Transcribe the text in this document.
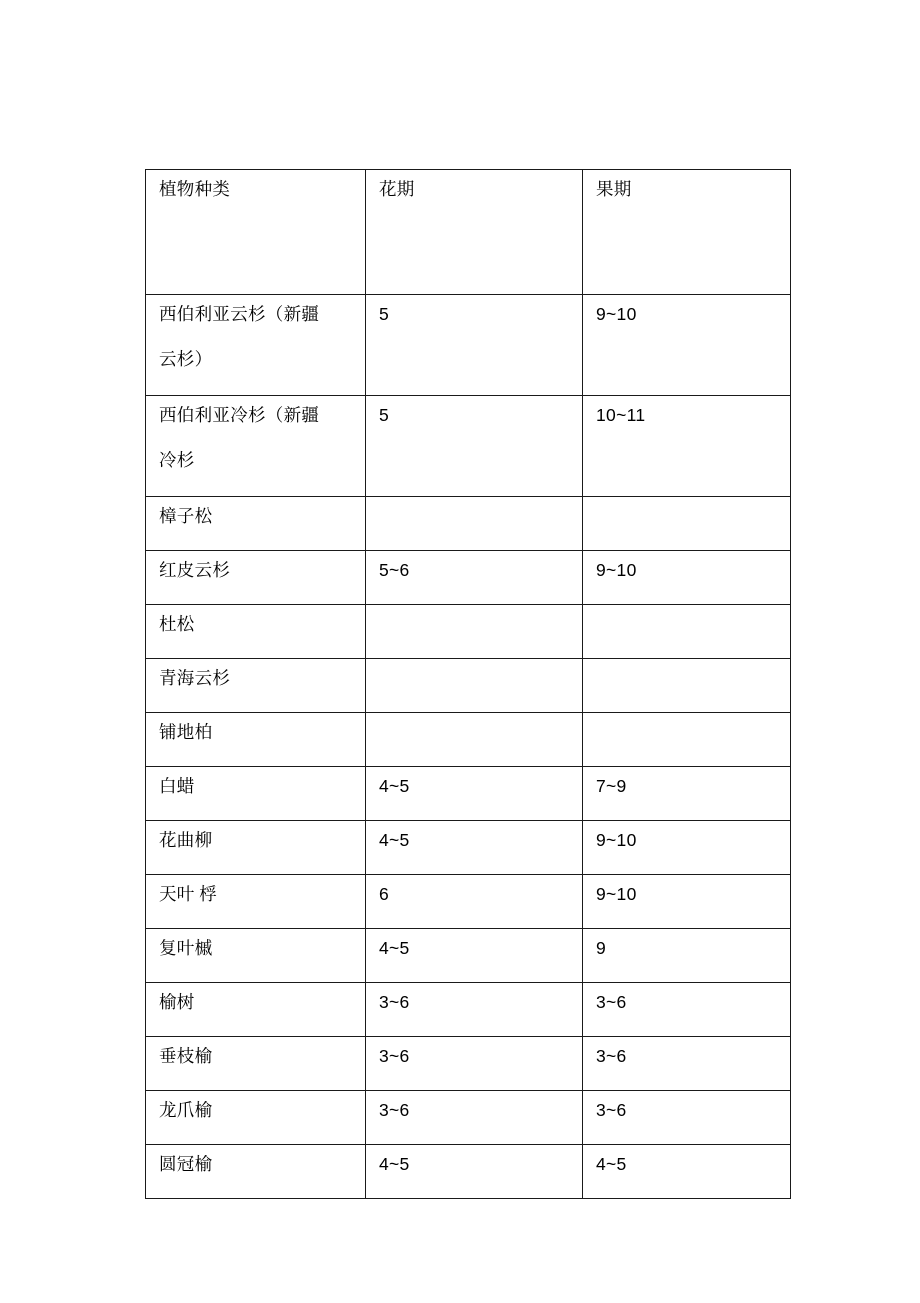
植物种类	花期	果期

西伯利亚云杉（新疆
云杉）	5	9~10

西伯利亚冷杉（新疆
冷杉	5	10~11

樟子松		

红皮云杉	5~6	9~10

杜松		

青海云杉		

铺地柏		

白蜡	4~5	7~9

花曲柳	4~5	9~10

天叶 桴	6	9~10

复叶槭	4~5	9

榆树	3~6	3~6

垂枝榆	3~6	3~6

龙爪榆	3~6	3~6

圆冠榆	4~5	4~5
